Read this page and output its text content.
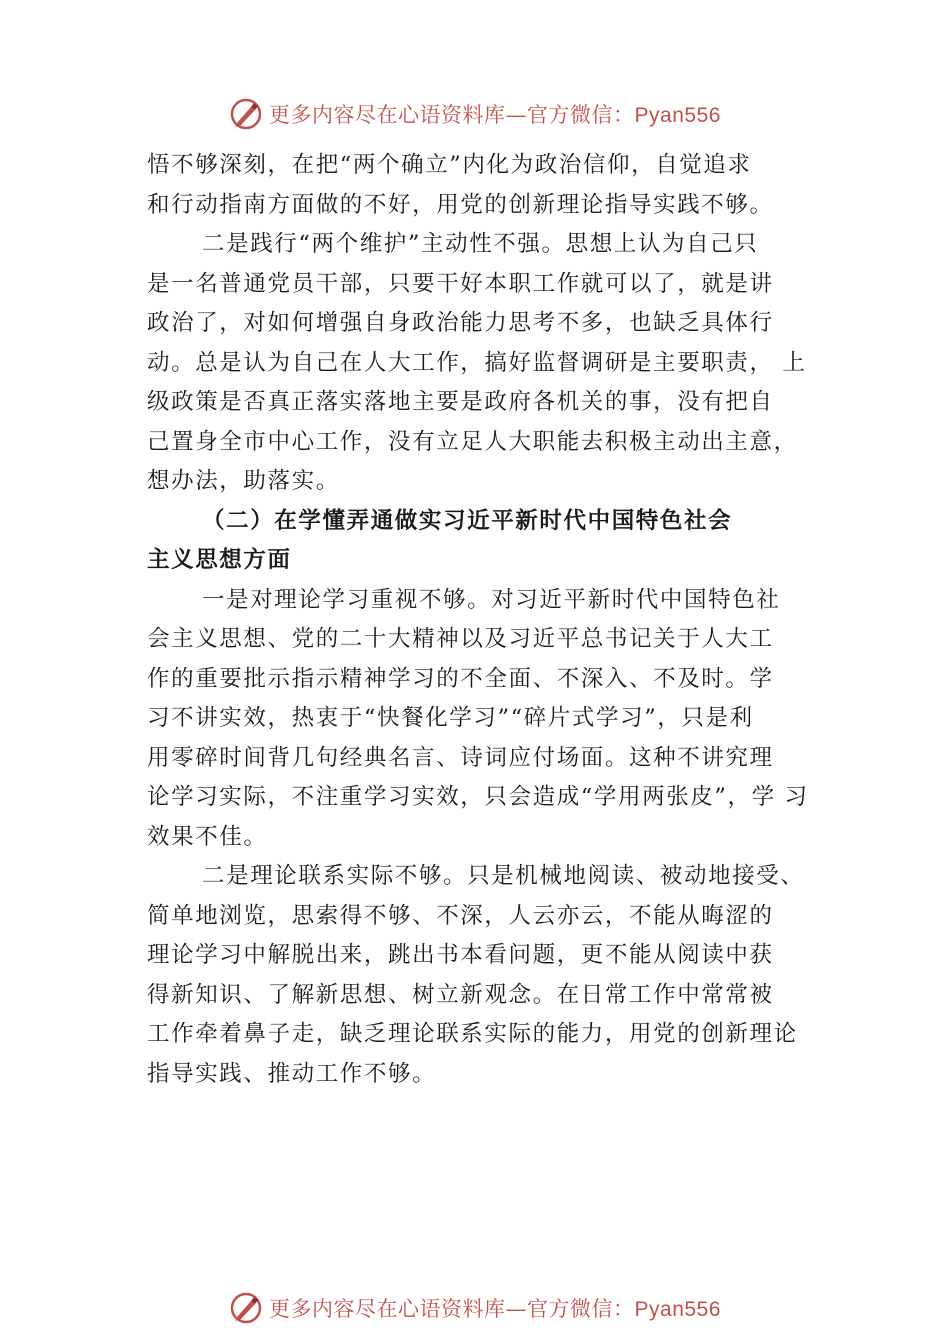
更多内容尽在心语资料库—官方微信：Pyan556
悟不够深刻，在把“两个确立”内化为政治信仰，自觉追求
和行动指南方面做的不好，用党的创新理论指导实践不够。
二是践行“两个维护”主动性不强。思想上认为自己只
是一名普通党员干部，只要干好本职工作就可以了，就是讲
政治了，对如何增强自身政治能力思考不多，也缺乏具体行
动。总是认为自己在人大工作，搞好监督调研是主要职责， 上
级政策是否真正落实落地主要是政府各机关的事，没有把自
己置身全市中心工作，没有立足人大职能去积极主动出主意，
想办法，助落实。
（二）在学懂弄通做实习近平新时代中国特色社会
主义思想方面
一是对理论学习重视不够。对习近平新时代中国特色社
会主义思想、党的二十大精神以及习近平总书记关于人大工
作的重要批示指示精神学习的不全面、不深入、不及时。学
习不讲实效，热衷于“快餐化学习”“碎片式学习”，只是利
用零碎时间背几句经典名言、诗词应付场面。这种不讲究理
论学习实际，不注重学习实效，只会造成“学用两张皮”，学 习
效果不佳。
二是理论联系实际不够。只是机械地阅读、被动地接受、
简单地浏览，思索得不够、不深，人云亦云，不能从晦涩的
理论学习中解脱出来，跳出书本看问题，更不能从阅读中获
得新知识、了解新思想、树立新观念。在日常工作中常常被
工作牵着鼻子走，缺乏理论联系实际的能力，用党的创新理论
指导实践、推动工作不够。
更多内容尽在心语资料库—官方微信：Pyan556
